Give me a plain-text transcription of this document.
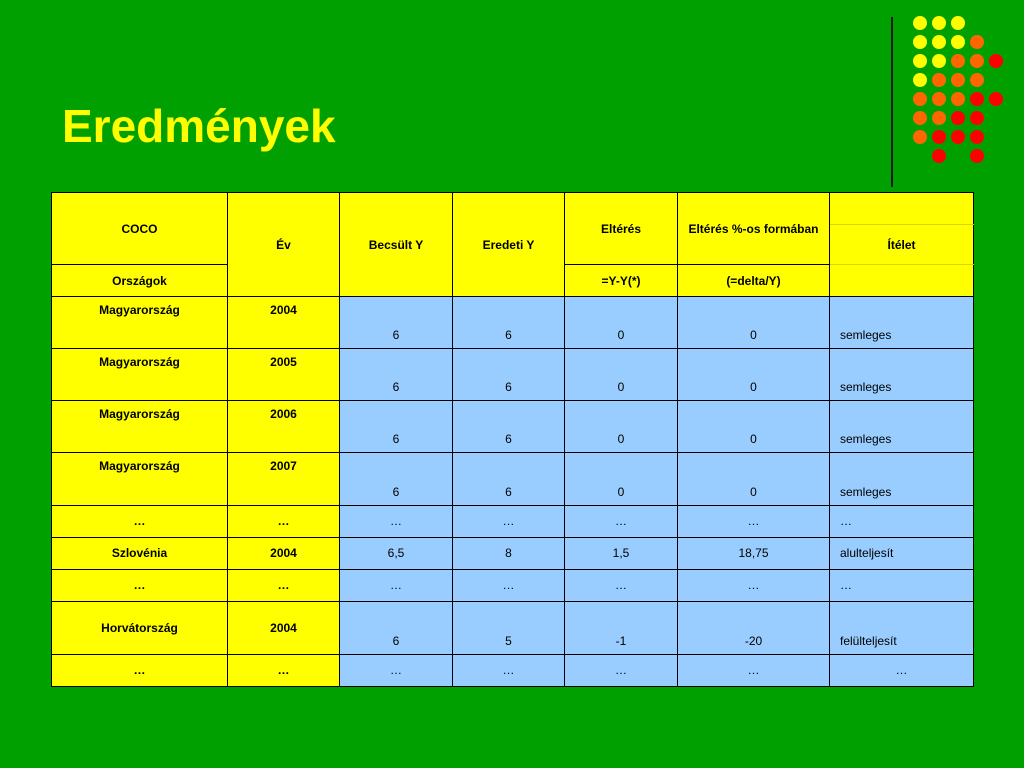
Eredmények
COCO	Év	Becsült Y	Eredeti Y	Eltérés	Eltérés %-os formában	
						Ítélet
Országok				=Y-Y(*)	(=delta/Y)	
Magyarország	2004	6	6	0	0	semleges
Magyarország	2005	6	6	0	0	semleges
Magyarország	2006	6	6	0	0	semleges
Magyarország	2007	6	6	0	0	semleges
…	…	…	…	…	…	…
Szlovénia	2004	6,5	8	1,5	18,75	alulteljesít
…	…	…	…	…	…	…
Horvátország	2004	6	5	-1	-20	felülteljesít
…	…	…	…	…	…	…
